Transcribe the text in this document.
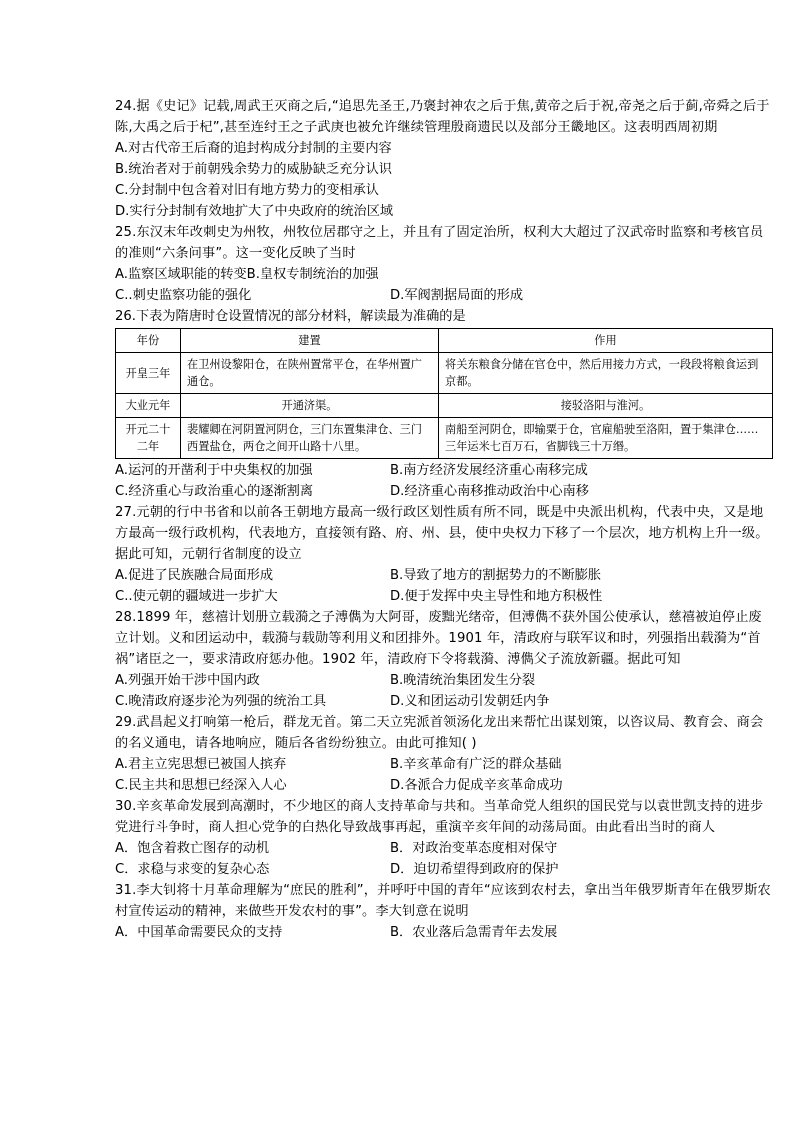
24.据《史记》记载,周武王灭商之后,“追思先圣王,乃褒封神农之后于焦,黄帝之后于祝,帝尧之后于蓟,帝舜之后于陈,大禹之后于杞”,甚至连纣王之子武庚也被允许继续管理殷商遗民以及部分王畿地区。这表明西周初期

A.对古代帝王后裔的追封构成分封制的主要内容

B.统治者对于前朝残余势力的威胁缺乏充分认识

C.分封制中包含着对旧有地方势力的变相承认

D.实行分封制有效地扩大了中央政府的统治区域

25.东汉末年改刺史为州牧，州牧位居郡守之上，并且有了固定治所，权利大大超过了汉武帝时监察和考核官员的准则“六条问事”。这一变化反映了当时

A.监察区域职能的转变B.皇权专制统治的加强

C..刺史监察功能的强化	D.军阀割据局面的形成

26.下表为隋唐时仓设置情况的部分材料，解读最为准确的是

年份	建置	作用
开皇三年	在卫州设黎阳仓，在陕州置常平仓，在华州置广通仓。	将关东粮食分储在官仓中，然后用接力方式，一段段将粮食运到京都。
大业元年	开通济渠。	接驳洛阳与淮河。
开元二十二年	裴耀卿在河阴置河阴仓，三门东置集津仓、三门西置盐仓，两仓之间开山路十八里。	南船至河阴仓，即输粟于仓，官雇船驶至洛阳，置于集津仓……三年运米七百万石，省脚钱三十万缗。
A.运河的开凿利于中央集权的加强	B.南方经济发展经济重心南移完成
C.经济重心与政治重心的逐渐割离	D.经济重心南移推动政治中心南移

27.元朝的行中书省和以前各王朝地方最高一级行政区划性质有所不同，既是中央派出机构，代表中央，又是地方最高一级行政机构，代表地方，直接领有路、府、州、县，使中央权力下移了一个层次，地方机构上升一级。据此可知，元朝行省制度的设立

A.促进了民族融合局面形成	B.导致了地方的割据势力的不断膨胀
C..使元朝的疆域进一步扩大	D.便于发挥中央主导性和地方积极性

28.1899 年，慈禧计划册立载漪之子溥儁为大阿哥，废黜光绪帝，但溥儁不获外国公使承认，慈禧被迫停止废立计划。义和团运动中，载漪与载勋等利用义和团排外。1901 年，清政府与联军议和时，列强指出载漪为“首祸”诸臣之一，要求清政府惩办他。1902 年，清政府下令将载漪、溥儁父子流放新疆。据此可知

A.列强开始干涉中国内政	B.晚清统治集团发生分裂
C.晚清政府逐步沦为列强的统治工具	D.义和团运动引发朝廷内争

29.武昌起义打响第一枪后，群龙无首。第二天立宪派首领汤化龙出来帮忙出谋划策，以咨议局、教育会、商会的名义通电，请各地响应，随后各省纷纷独立。由此可推知( )

A.君主立宪思想已被国人摈弃	B.辛亥革命有广泛的群众基础
C.民主共和思想已经深入人心	D.各派合力促成辛亥革命成功

30.辛亥革命发展到高潮时，不少地区的商人支持革命与共和。当革命党人组织的国民党与以袁世凯支持的进步党进行斗争时，商人担心党争的白热化导致战事再起，重演辛亥年间的动荡局面。由此看出当时的商人

A．饱含着救亡图存的动机	B．对政治变革态度相对保守
C．求稳与求变的复杂心态	D．迫切希望得到政府的保护

31.李大钊将十月革命理解为“庶民的胜利”，并呼吁中国的青年“应该到农村去，拿出当年俄罗斯青年在俄罗斯农村宣传运动的精神，来做些开发农村的事”。李大钊意在说明

A．中国革命需要民众的支持	B．农业落后急需青年去发展
